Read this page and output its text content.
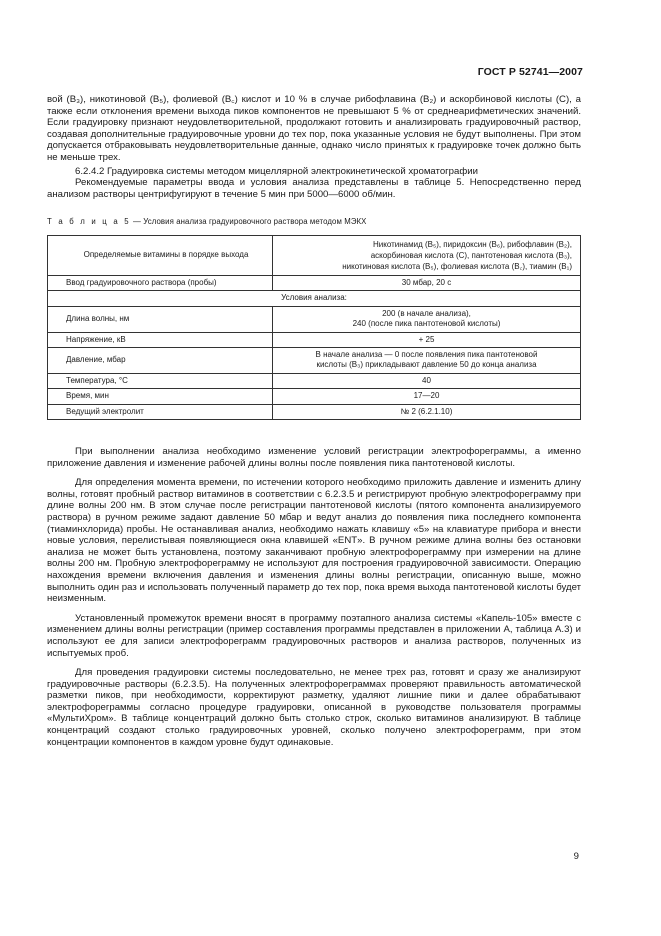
ГОСТ Р 52741—2007

вой (B₃), никотиновой (B₅), фолиевой (B꜀) кислот и 10 % в случае рибофлавина (B₂) и аскорбиновой кислоты (C), а также если отклонения времени выхода пиков компонентов не превышают 5 % от среднеарифметических значений. Если градуировку признают неудовлетворительной, продолжают готовить и анализировать градуировочный раствор, создавая дополнительные градуировочные уровни до тех пор, пока указанные условия не будут выполнены. При этом допускается отбраковывать неудовлетворительные данные, однако число принятых к градуировке точек должно быть не меньше трех.

6.2.4.2 Градуировка системы методом мицеллярной электрокинетической хроматографии

Рекомендуемые параметры ввода и условия анализа представлены в таблице 5. Непосредственно перед анализом растворы центрифугируют в течение 5 мин при 5000—6000 об/мин.

Т а б л и ц а 5 — Условия анализа градуировочного раствора методом МЭКХ
Определяемые витамины в порядке выхода	Никотинамид (B₅), пиридоксин (B₆), рибофлавин (B₂),
аскорбиновая кислота (C), пантотеновая кислота (B₃),
никотиновая кислота (B₅), фолиевая кислота (B꜀), тиамин (B₁)

Ввод градуировочного раствора (пробы)	30 мбар, 20 с
Условия анализа:	
Длина волны, нм	200 (в начале анализа),
240 (после пика пантотеновой кислоты)

Напряжение, кВ	+ 25
Давление, мбар	В начале анализа — 0 после появления пика пантотеновой
кислоты (B₃) прикладывают давление 50 до конца анализа

Температура, °C	40
Время, мин	17—20
Ведущий электролит	№ 2 (6.2.1.10)

При выполнении анализа необходимо изменение условий регистрации электрофореграммы, а именно приложение давления и изменение рабочей длины волны после появления пика пантотеновой кислоты.

Для определения момента времени, по истечении которого необходимо приложить давление и изменить длину волны, готовят пробный раствор витаминов в соответствии с 6.2.3.5 и регистрируют пробную электрофореграмму при длине волны 200 нм. В этом случае после регистрации пантотеновой кислоты (пятого компонента анализируемого раствора) в ручном режиме задают давление 50 мбар и ведут анализ до появления пика последнего компонента (тиаминхлорида) пробы. Не останавливая анализ, необходимо нажать клавишу «5» на клавиатуре прибора и внести новые условия, перелистывая появляющиеся окна клавишей «ENT». В ручном режиме длина волны без остановки анализа не может быть установлена, поэтому заканчивают пробную электрофореграмму при измерении на длине волны 200 нм. Пробную электрофореграмму не используют для построения градуировочной зависимости. Операцию нахождения времени включения давления и изменения длины волны регистрации, описанную выше, можно выполнить один раз и использовать полученный параметр до тех пор, пока время выхода пантотеновой кислоты будет неизменным.

Установленный промежуток времени вносят в программу поэтапного анализа системы «Капель-105» вместе с изменением длины волны регистрации (пример составления программы представлен в приложении А, таблица А.3) и используют ее для записи электрофореграмм градуировочных растворов и анализа растворов, полученных из испытуемых проб.

Для проведения градуировки системы последовательно, не менее трех раз, готовят и сразу же анализируют градуировочные растворы (6.2.3.5). На полученных электрофореграммах проверяют правильность автоматической разметки пиков, при необходимости, корректируют разметку, удаляют лишние пики и далее обрабатывают электрофореграммы согласно процедуре градуировки, описанной в руководстве пользователя программы «МультиХром». В таблице концентраций должно быть столько строк, сколько витаминов анализируют. В таблице концентраций создают столько градуировочных уровней, сколько получено электрофореграмм, при этом концентрации компонентов в каждом уровне будут одинаковые.

9
